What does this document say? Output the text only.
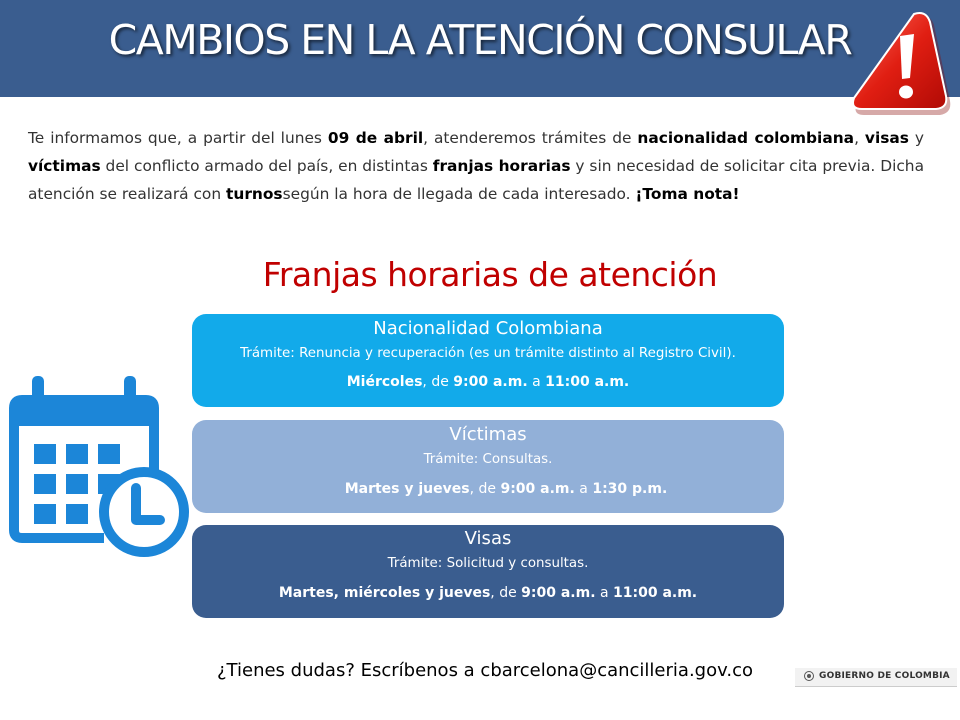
CAMBIOS EN LA ATENCIÓN CONSULAR
Te informamos que, a partir del lunes 09 de abril, atenderemos trámites de nacionalidad colombiana, visas y víctimas del conflicto armado del país, en distintas franjas horarias y sin necesidad de solicitar cita previa. Dicha atención se realizará con turnossegún la hora de llegada de cada interesado. ¡Toma nota!
Franjas horarias de atención
Nacionalidad Colombiana
Trámite: Renuncia y recuperación (es un trámite distinto al Registro Civil).
Miércoles, de 9:00 a.m. a 11:00 a.m.
Víctimas
Trámite: Consultas.
Martes y jueves, de 9:00 a.m. a 1:30 p.m.
Visas
Trámite: Solicitud y consultas.
Martes, miércoles y jueves, de 9:00 a.m. a 11:00 a.m.
¿Tienes dudas? Escríbenos a cbarcelona@cancilleria.gov.co	GOBIERNO DE COLOMBIA
